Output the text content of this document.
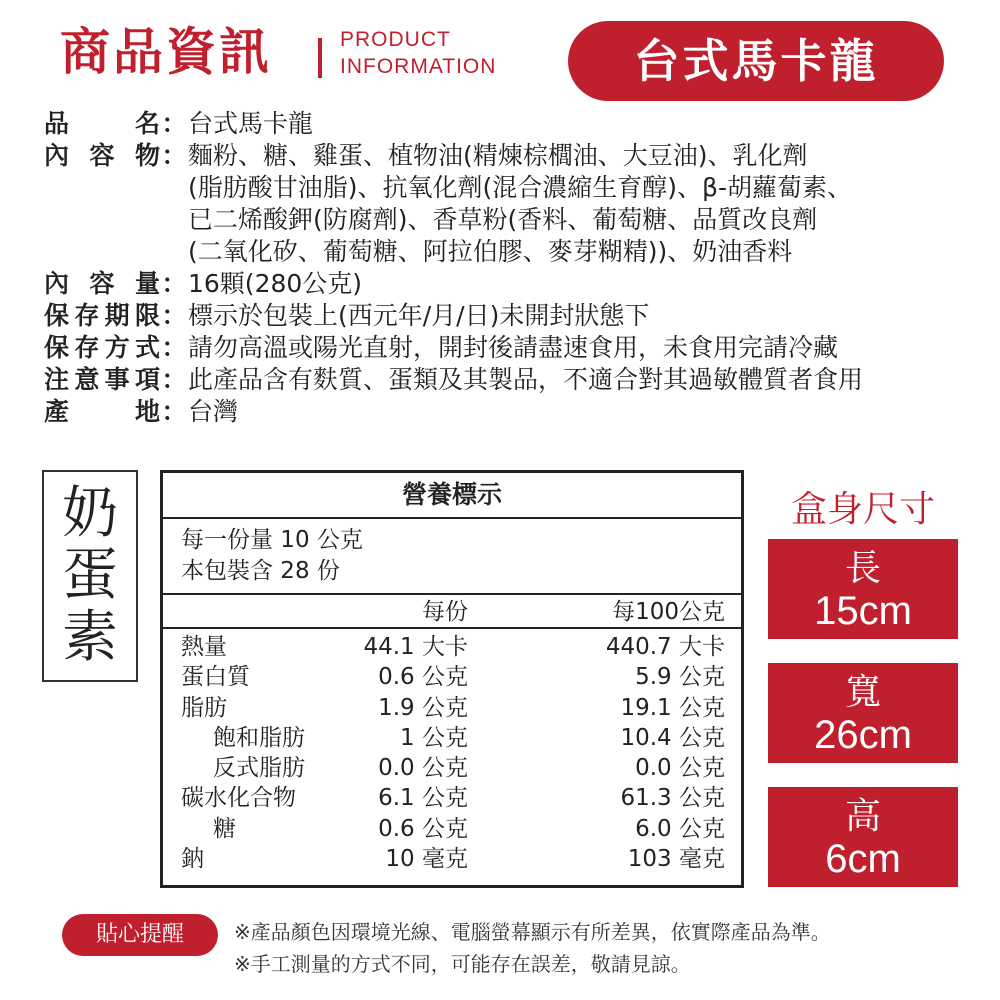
商品資訊	PRODUCT
INFORMATION	台式馬卡龍
品 名 ： 台式馬卡龍
內容物 ： 麵粉、糖、雞蛋、植物油(精煉棕櫚油、大豆油)、乳化劑
(脂肪酸甘油脂)、抗氧化劑(混合濃縮生育醇)、β-胡蘿蔔素、
已二烯酸鉀(防腐劑)、香草粉(香料、葡萄糖、品質改良劑
(二氧化矽、葡萄糖、阿拉伯膠、麥芽糊精))、奶油香料
內容量 ： 16顆(280公克)
保存期限 ： 標示於包裝上(西元年/月/日)未開封狀態下
保存方式 ： 請勿高溫或陽光直射，開封後請盡速食用，未食用完請冷藏
注意事項 ： 此產品含有麩質、蛋類及其製品，不適合對其過敏體質者食用
產 地 ： 台灣
奶
蛋
素
營養標示
每一份量 10 公克
本包裝含 28 份
每份	每100公克
熱量	44.1 大卡	440.7 大卡
蛋白質	0.6 公克	5.9 公克
脂肪	1.9 公克	19.1 公克
飽和脂肪	1 公克	10.4 公克
反式脂肪	0.0 公克	0.0 公克
碳水化合物	6.1 公克	61.3 公克
糖	0.6 公克	6.0 公克
鈉	10 毫克	103 毫克
盒身尺寸
長
15cm
寬
26cm
高
6cm
貼心提醒	※產品顏色因環境光線、電腦螢幕顯示有所差異，依實際產品為準。
※手工測量的方式不同，可能存在誤差，敬請見諒。
